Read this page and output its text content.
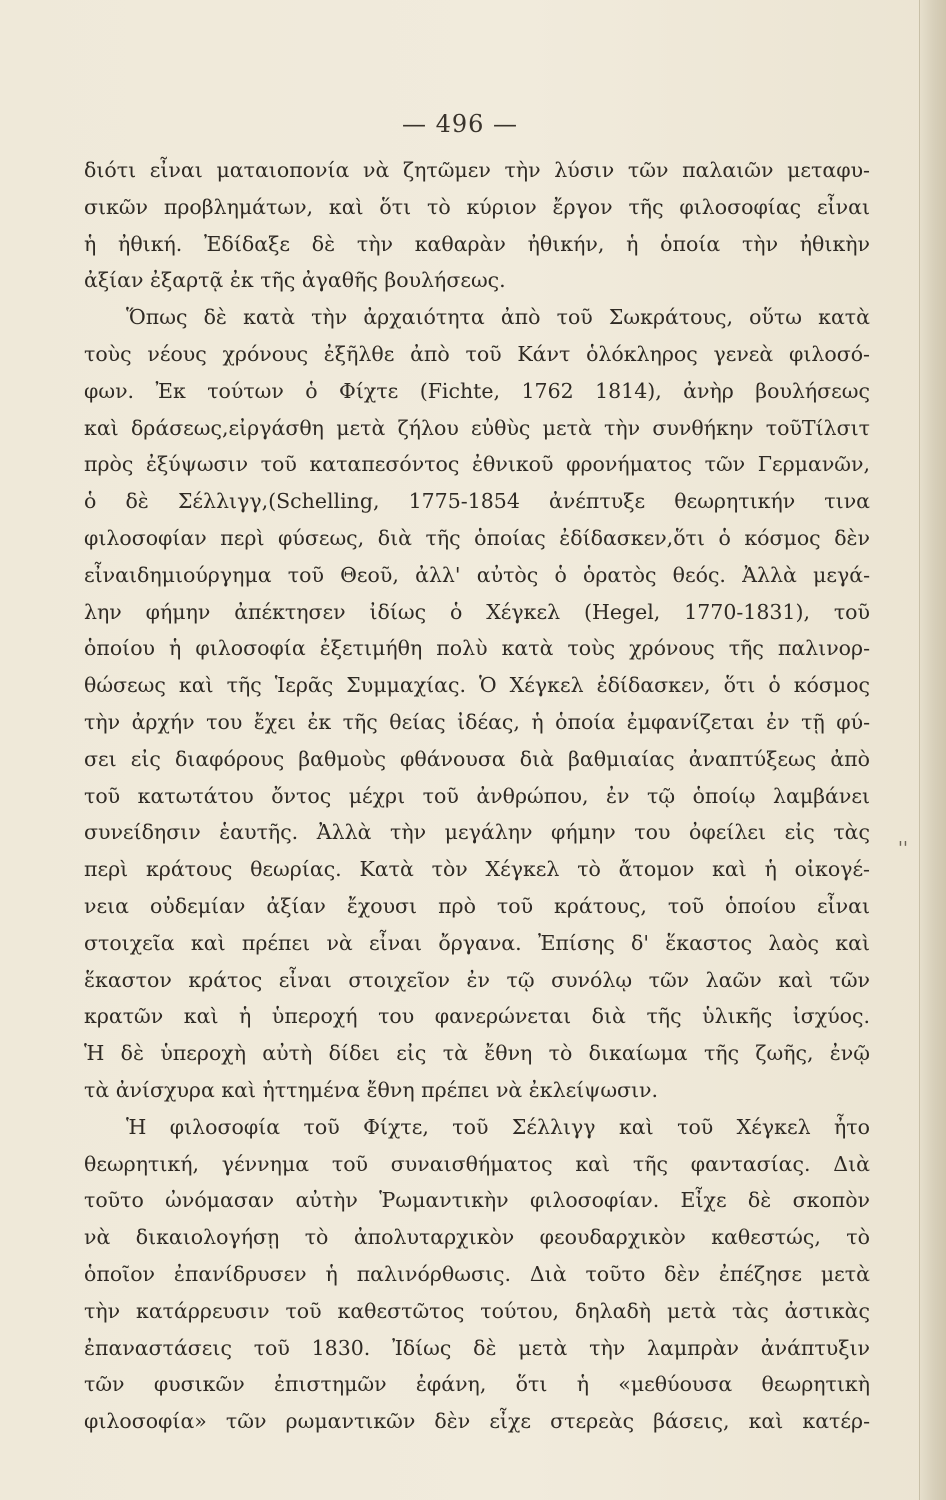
— 496 —
διότι εἶναι ματαιοπονία νὰ ζητῶμεν τὴν λύσιν τῶν παλαιῶν μεταφυ-
σικῶν προβλημάτων, καὶ ὅτι τὸ κύριον ἔργον τῆς φιλοσοφίας εἶναι
ἡ ἠθική. Ἐδίδαξε δὲ τὴν καθαρὰν ἠθικήν, ἡ ὁποία τὴν ἠθικὴν
ἀξίαν ἐξαρτᾷ ἐκ τῆς ἀγαθῆς βουλήσεως.
Ὅπως δὲ κατὰ τὴν ἀρχαιότητα ἀπὸ τοῦ Σωκράτους, οὕτω κατὰ
τοὺς νέους χρόνους ἐξῆλθε ἀπὸ τοῦ Κάντ ὁλόκληρος γενεὰ φιλοσό-
φων. Ἐκ τούτων ὁ Φίχτε (Fichte, 1762 1814), ἀνὴρ βουλήσεως
καὶ δράσεως,εἰργάσθη μετὰ ζήλου εὐθὺς μετὰ τὴν συνθήκην τοῦΤίλσιτ
πρὸς ἐξύψωσιν τοῦ καταπεσόντος ἐθνικοῦ φρονήματος τῶν Γερμανῶν,
ὁ δὲ Σέλλιγγ,(Schelling, 1775-1854 ἀνέπτυξε θεωρητικήν τινα
φιλοσοφίαν περὶ φύσεως, διὰ τῆς ὁποίας ἐδίδασκεν,ὅτι ὁ κόσμος δὲν
εἶναιδημιούργημα τοῦ Θεοῦ, ἀλλ' αὐτὸς ὁ ὁρατὸς θεός. Ἀλλὰ μεγά-
λην φήμην ἀπέκτησεν ἰδίως ὁ Χέγκελ (Hegel, 1770-1831), τοῦ
ὁποίου ἡ φιλοσοφία ἐξετιμήθη πολὺ κατὰ τοὺς χρόνους τῆς παλινορ-
θώσεως καὶ τῆς Ἱερᾶς Συμμαχίας. Ὁ Χέγκελ ἐδίδασκεν, ὅτι ὁ κόσμος
τὴν ἀρχήν του ἔχει ἐκ τῆς θείας ἰδέας, ἡ ὁποία ἐμφανίζεται ἐν τῇ φύ-
σει εἰς διαφόρους βαθμοὺς φθάνουσα διὰ βαθμιαίας ἀναπτύξεως ἀπὸ
τοῦ κατωτάτου ὄντος μέχρι τοῦ ἀνθρώπου, ἐν τῷ ὁποίῳ λαμβάνει
συνείδησιν ἑαυτῆς. Ἀλλὰ τὴν μεγάλην φήμην του ὀφείλει εἰς τὰς
περὶ κράτους θεωρίας. Κατὰ τὸν Χέγκελ τὸ ἄτομον καὶ ἡ οἰκογέ-
νεια οὐδεμίαν ἀξίαν ἔχουσι πρὸ τοῦ κράτους, τοῦ ὁποίου εἶναι
στοιχεῖα καὶ πρέπει νὰ εἶναι ὄργανα. Ἐπίσης δ' ἕκαστος λαὸς καὶ
ἕκαστον κράτος εἶναι στοιχεῖον ἐν τῷ συνόλῳ τῶν λαῶν καὶ τῶν
κρατῶν καὶ ἡ ὑπεροχή του φανερώνεται διὰ τῆς ὑλικῆς ἰσχύος.
Ἡ δὲ ὑπεροχὴ αὐτὴ δίδει εἰς τὰ ἔθνη τὸ δικαίωμα τῆς ζωῆς, ἐνῷ
τὰ ἀνίσχυρα καὶ ἡττημένα ἔθνη πρέπει νὰ ἐκλείψωσιν.
Ἡ φιλοσοφία τοῦ Φίχτε, τοῦ Σέλλιγγ καὶ τοῦ Χέγκελ ἦτο
θεωρητική, γέννημα τοῦ συναισθήματος καὶ τῆς φαντασίας. Διὰ
τοῦτο ὠνόμασαν αὐτὴν Ῥωμαντικὴν φιλοσοφίαν. Εἶχε δὲ σκοπὸν
νὰ δικαιολογήσῃ τὸ ἀπολυταρχικὸν φεουδαρχικὸν καθεστώς, τὸ
ὁποῖον ἐπανίδρυσεν ἡ παλινόρθωσις. Διὰ τοῦτο δὲν ἐπέζησε μετὰ
τὴν κατάρρευσιν τοῦ καθεστῶτος τούτου, δηλαδὴ μετὰ τὰς ἀστικὰς
ἐπαναστάσεις τοῦ 1830. Ἰδίως δὲ μετὰ τὴν λαμπρὰν ἀνάπτυξιν
τῶν φυσικῶν ἐπιστημῶν ἐφάνη, ὅτι ἡ «μεθύουσα θεωρητικὴ
φιλοσοφία» τῶν ρωμαντικῶν δὲν εἶχε στερεὰς βάσεις, καὶ κατέρ-
''
